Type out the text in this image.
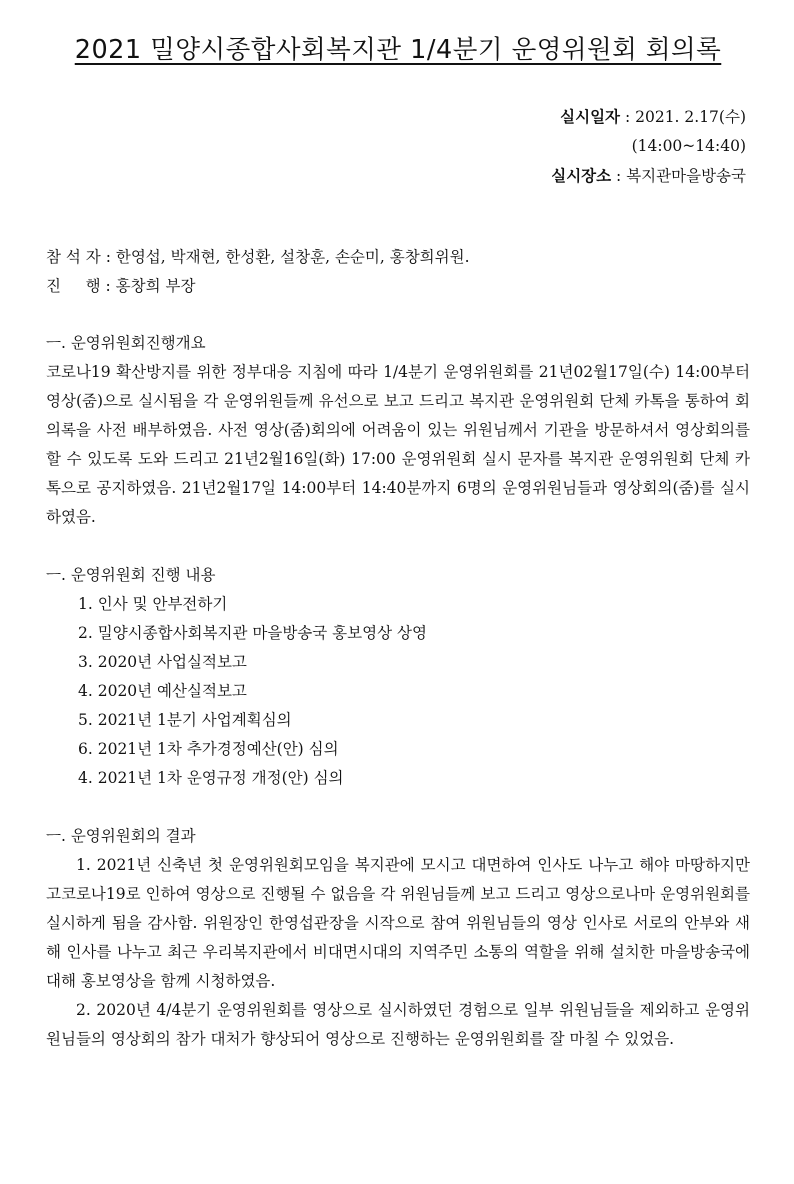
2021 밀양시종합사회복지관 1/4분기 운영위원회 회의록
실시일자 : 2021. 2.17(수)
(14:00~14:40)
실시장소 : 복지관마을방송국
참 석 자 : 한영섭, 박재현, 한성환, 설창훈, 손순미, 홍창희위원.
진     행 : 홍창희 부장
ㅡ. 운영위원회진행개요

코로나19 확산방지를 위한 정부대응 지침에 따라 1/4분기 운영위원회를 21년02월17일(수) 14:00부터 영상(줌)으로 실시됨을 각 운영위원들께 유선으로 보고 드리고 복지관 운영위원회 단체 카톡을 통하여 회의록을 사전 배부하였음. 사전 영상(줌)회의에 어려움이 있는 위원님께서 기관을 방문하셔서 영상회의를 할 수 있도록 도와 드리고 21년2월16일(화) 17:00 운영위원회 실시 문자를 복지관 운영위원회 단체 카톡으로 공지하였음. 21년2월17일 14:00부터 14:40분까지 6명의 운영위원님들과 영상회의(줌)를 실시하였음.

ㅡ. 운영위원회 진행 내용
1. 인사 및 안부전하기
2. 밀양시종합사회복지관 마을방송국 홍보영상 상영
3. 2020년 사업실적보고
4. 2020년 예산실적보고
5. 2021년 1분기 사업계획심의
6. 2021년 1차 추가경정예산(안) 심의
4. 2021년 1차 운영규정 개정(안) 심의
ㅡ. 운영위원회의 결과

1. 2021년 신축년 첫 운영위원회모임을 복지관에 모시고 대면하여 인사도 나누고 해야 마땅하지만 고코로나19로 인하여 영상으로 진행될 수 없음을 각 위원님들께 보고 드리고 영상으로나마 운영위원회를 실시하게 됨을 감사함. 위원장인 한영섭관장을 시작으로 참여 위원님들의 영상 인사로 서로의 안부와 새해 인사를 나누고 최근 우리복지관에서 비대면시대의 지역주민 소통의 역할을 위해 설치한 마을방송국에 대해 홍보영상을 함께 시청하였음.

2. 2020년 4/4분기 운영위원회를 영상으로 실시하였던 경험으로 일부 위원님들을 제외하고 운영위원님들의 영상회의 참가 대처가 향상되어 영상으로 진행하는 운영위원회를 잘 마칠 수 있었음.
